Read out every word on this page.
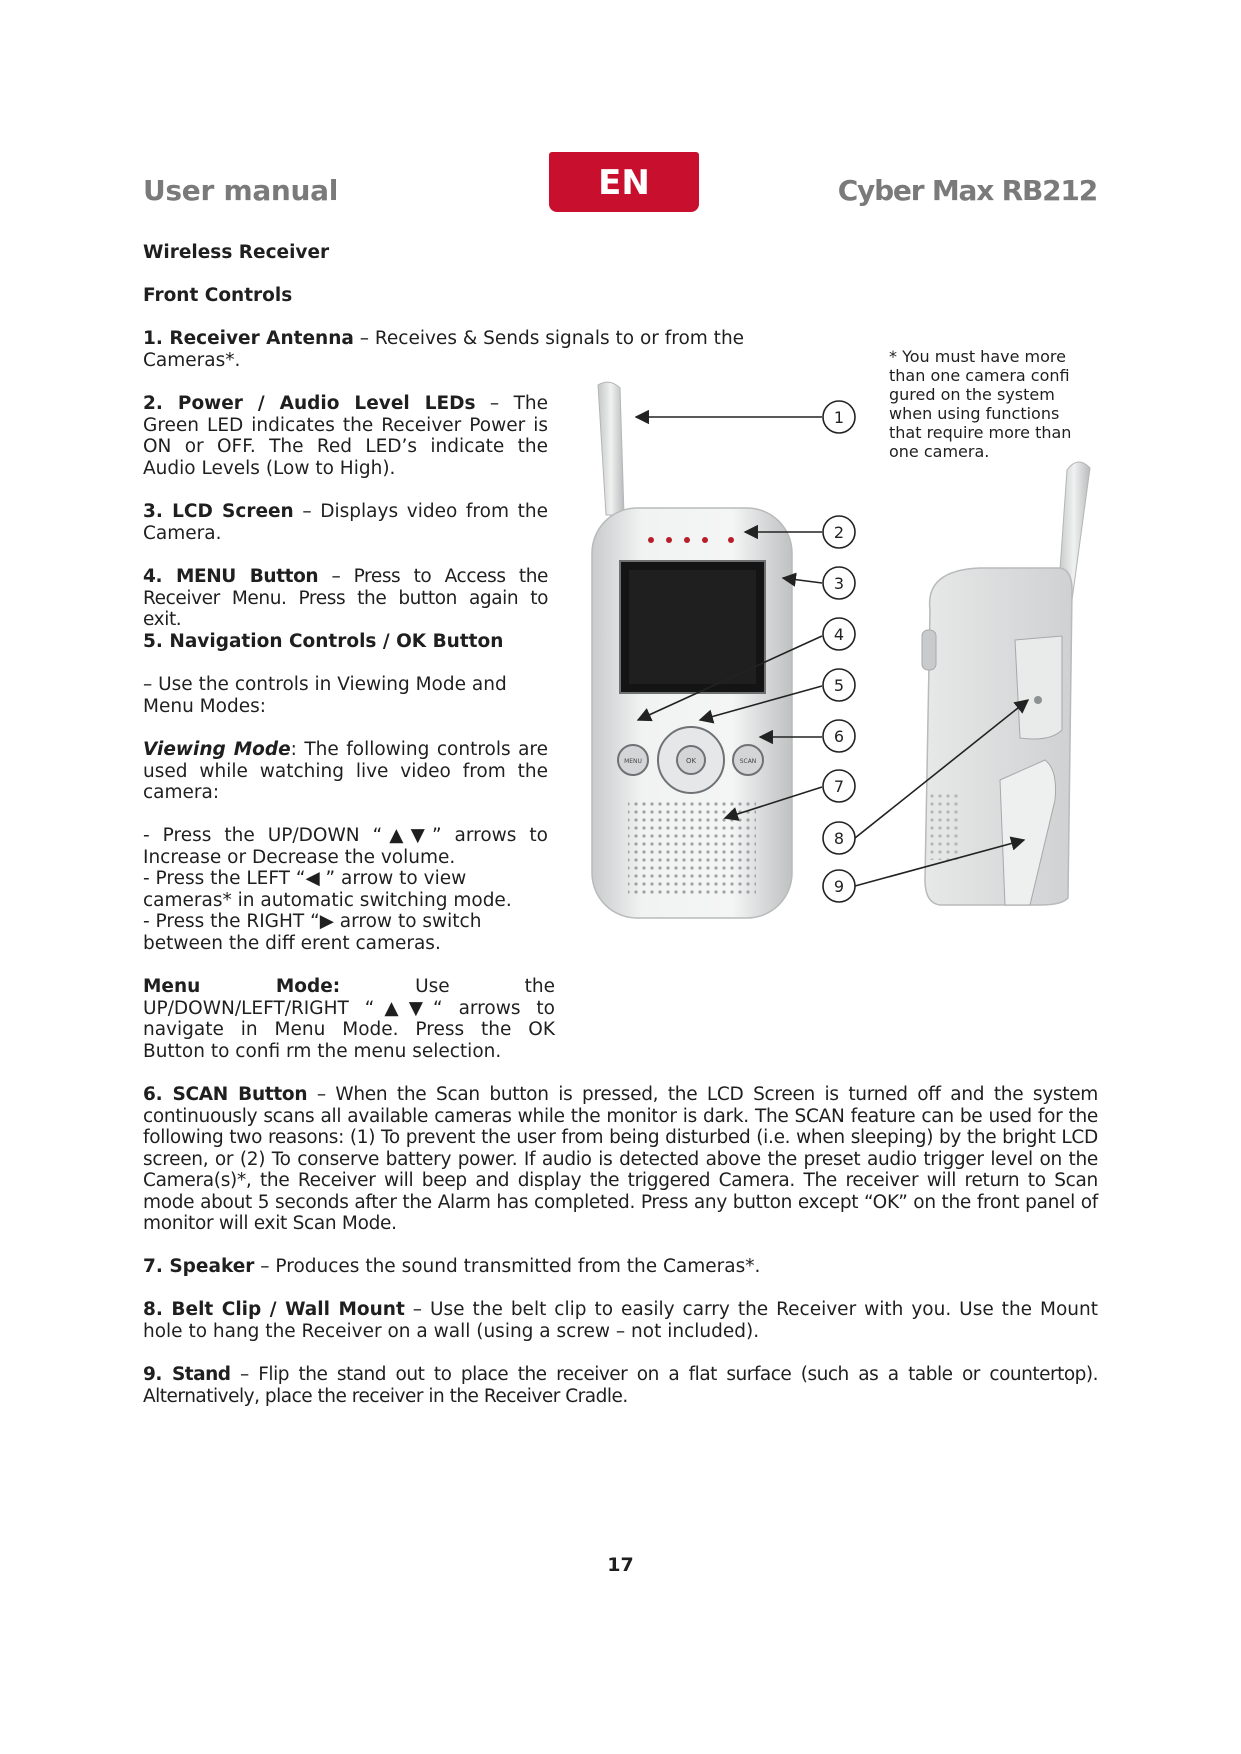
User manual	EN	Cyber Max RB212
Wireless Receiver
Front Controls
1. Receiver Antenna – Receives & Sends signals to or from the Cameras*.
2. Power / Audio Level LEDs – The Green LED indicates the Receiver Power is ON or OFF. The Red LED’s indicate the Audio Levels (Low to High).
3. LCD Screen – Displays video from the Camera.
4. MENU Button – Press to Access the Receiver Menu. Press the button again to exit.
5. Navigation Controls / OK Button
– Use the controls in Viewing Mode and Menu Modes:
Viewing Mode: The following controls are used while watching live video from the camera:
- Press the UP/DOWN “▲▼” arrows to Increase or Decrease the volume.
- Press the LEFT “◀ ” arrow to view cameras* in automatic switching mode.
- Press the RIGHT “▶ arrow to switch between the diff erent cameras.
Menu Mode: Use the UP/DOWN/LEFT/RIGHT “▲▼“ arrows to navigate in Menu Mode. Press the OK Button to confi rm the menu selection.
6. SCAN Button – When the Scan button is pressed, the LCD Screen is turned off and the system continuously scans all available cameras while the monitor is dark. The SCAN feature can be used for the following two reasons: (1) To prevent the user from being disturbed (i.e. when sleeping) by the bright LCD screen, or (2) To conserve battery power. If audio is detected above the preset audio trigger level on the Camera(s)*, the Receiver will beep and display the triggered Camera. The receiver will return to Scan mode about 5 seconds after the Alarm has completed. Press any button except “OK” on the front panel of monitor will exit Scan Mode.
7. Speaker – Produces the sound transmitted from the Cameras*.
8. Belt Clip / Wall Mount – Use the belt clip to easily carry the Receiver with you. Use the Mount hole to hang the Receiver on a wall (using a screw – not included).
9. Stand – Flip the stand out to place the receiver on a flat surface (such as a table or countertop). Alternatively, place the receiver in the Receiver Cradle.
* You must have more than one camera confi gured on the system when using functions that require more than one camera.
MENU	OK	SCAN
1
2
3
4
5
6
7
8
9
17
